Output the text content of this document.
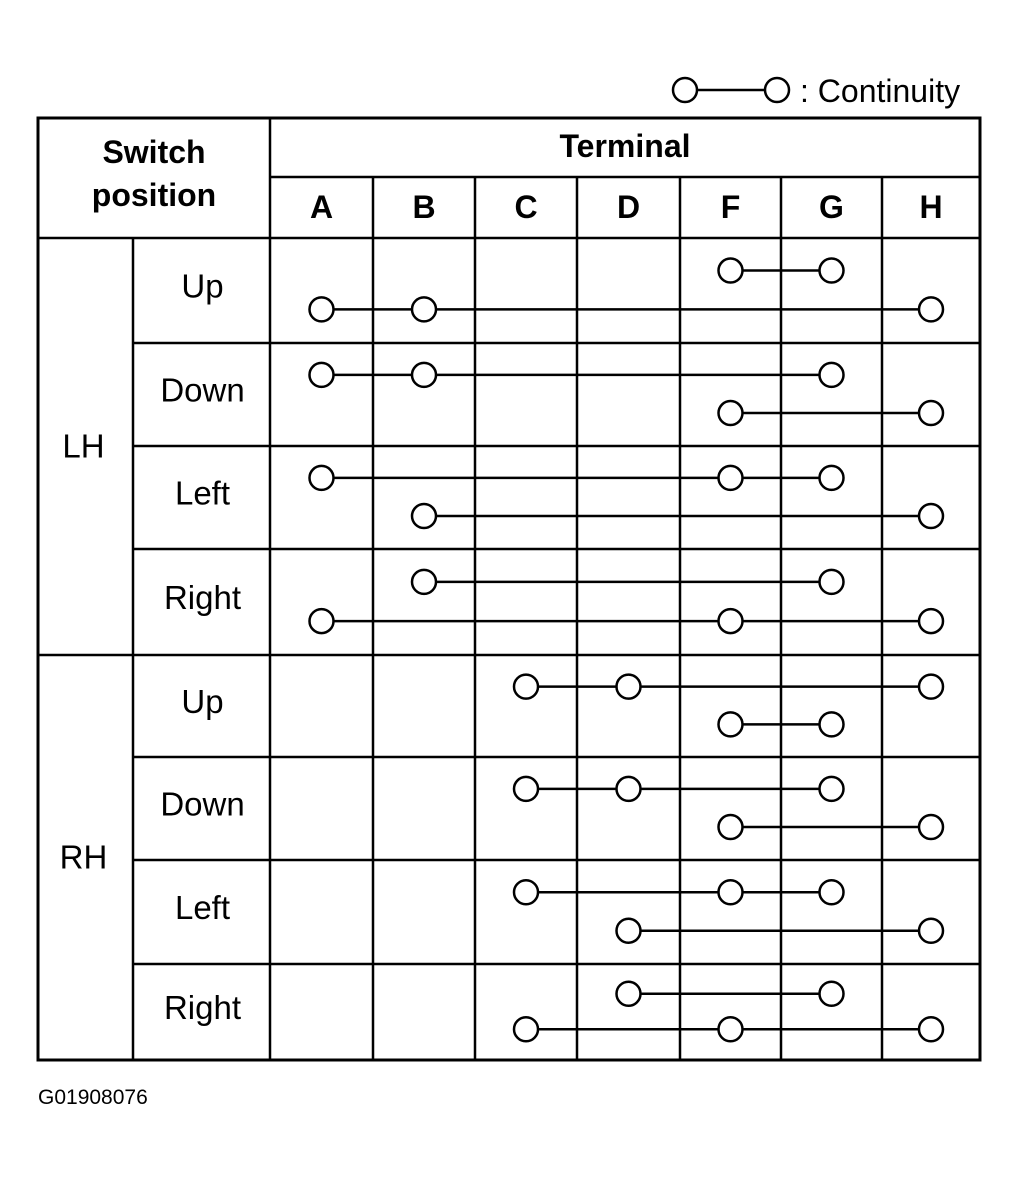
: Continuity
Switch
position
Terminal
A B C D	F G H
LH
Up
Down
Left
Right
RH
Up
Down
Left
Right
G01908076
